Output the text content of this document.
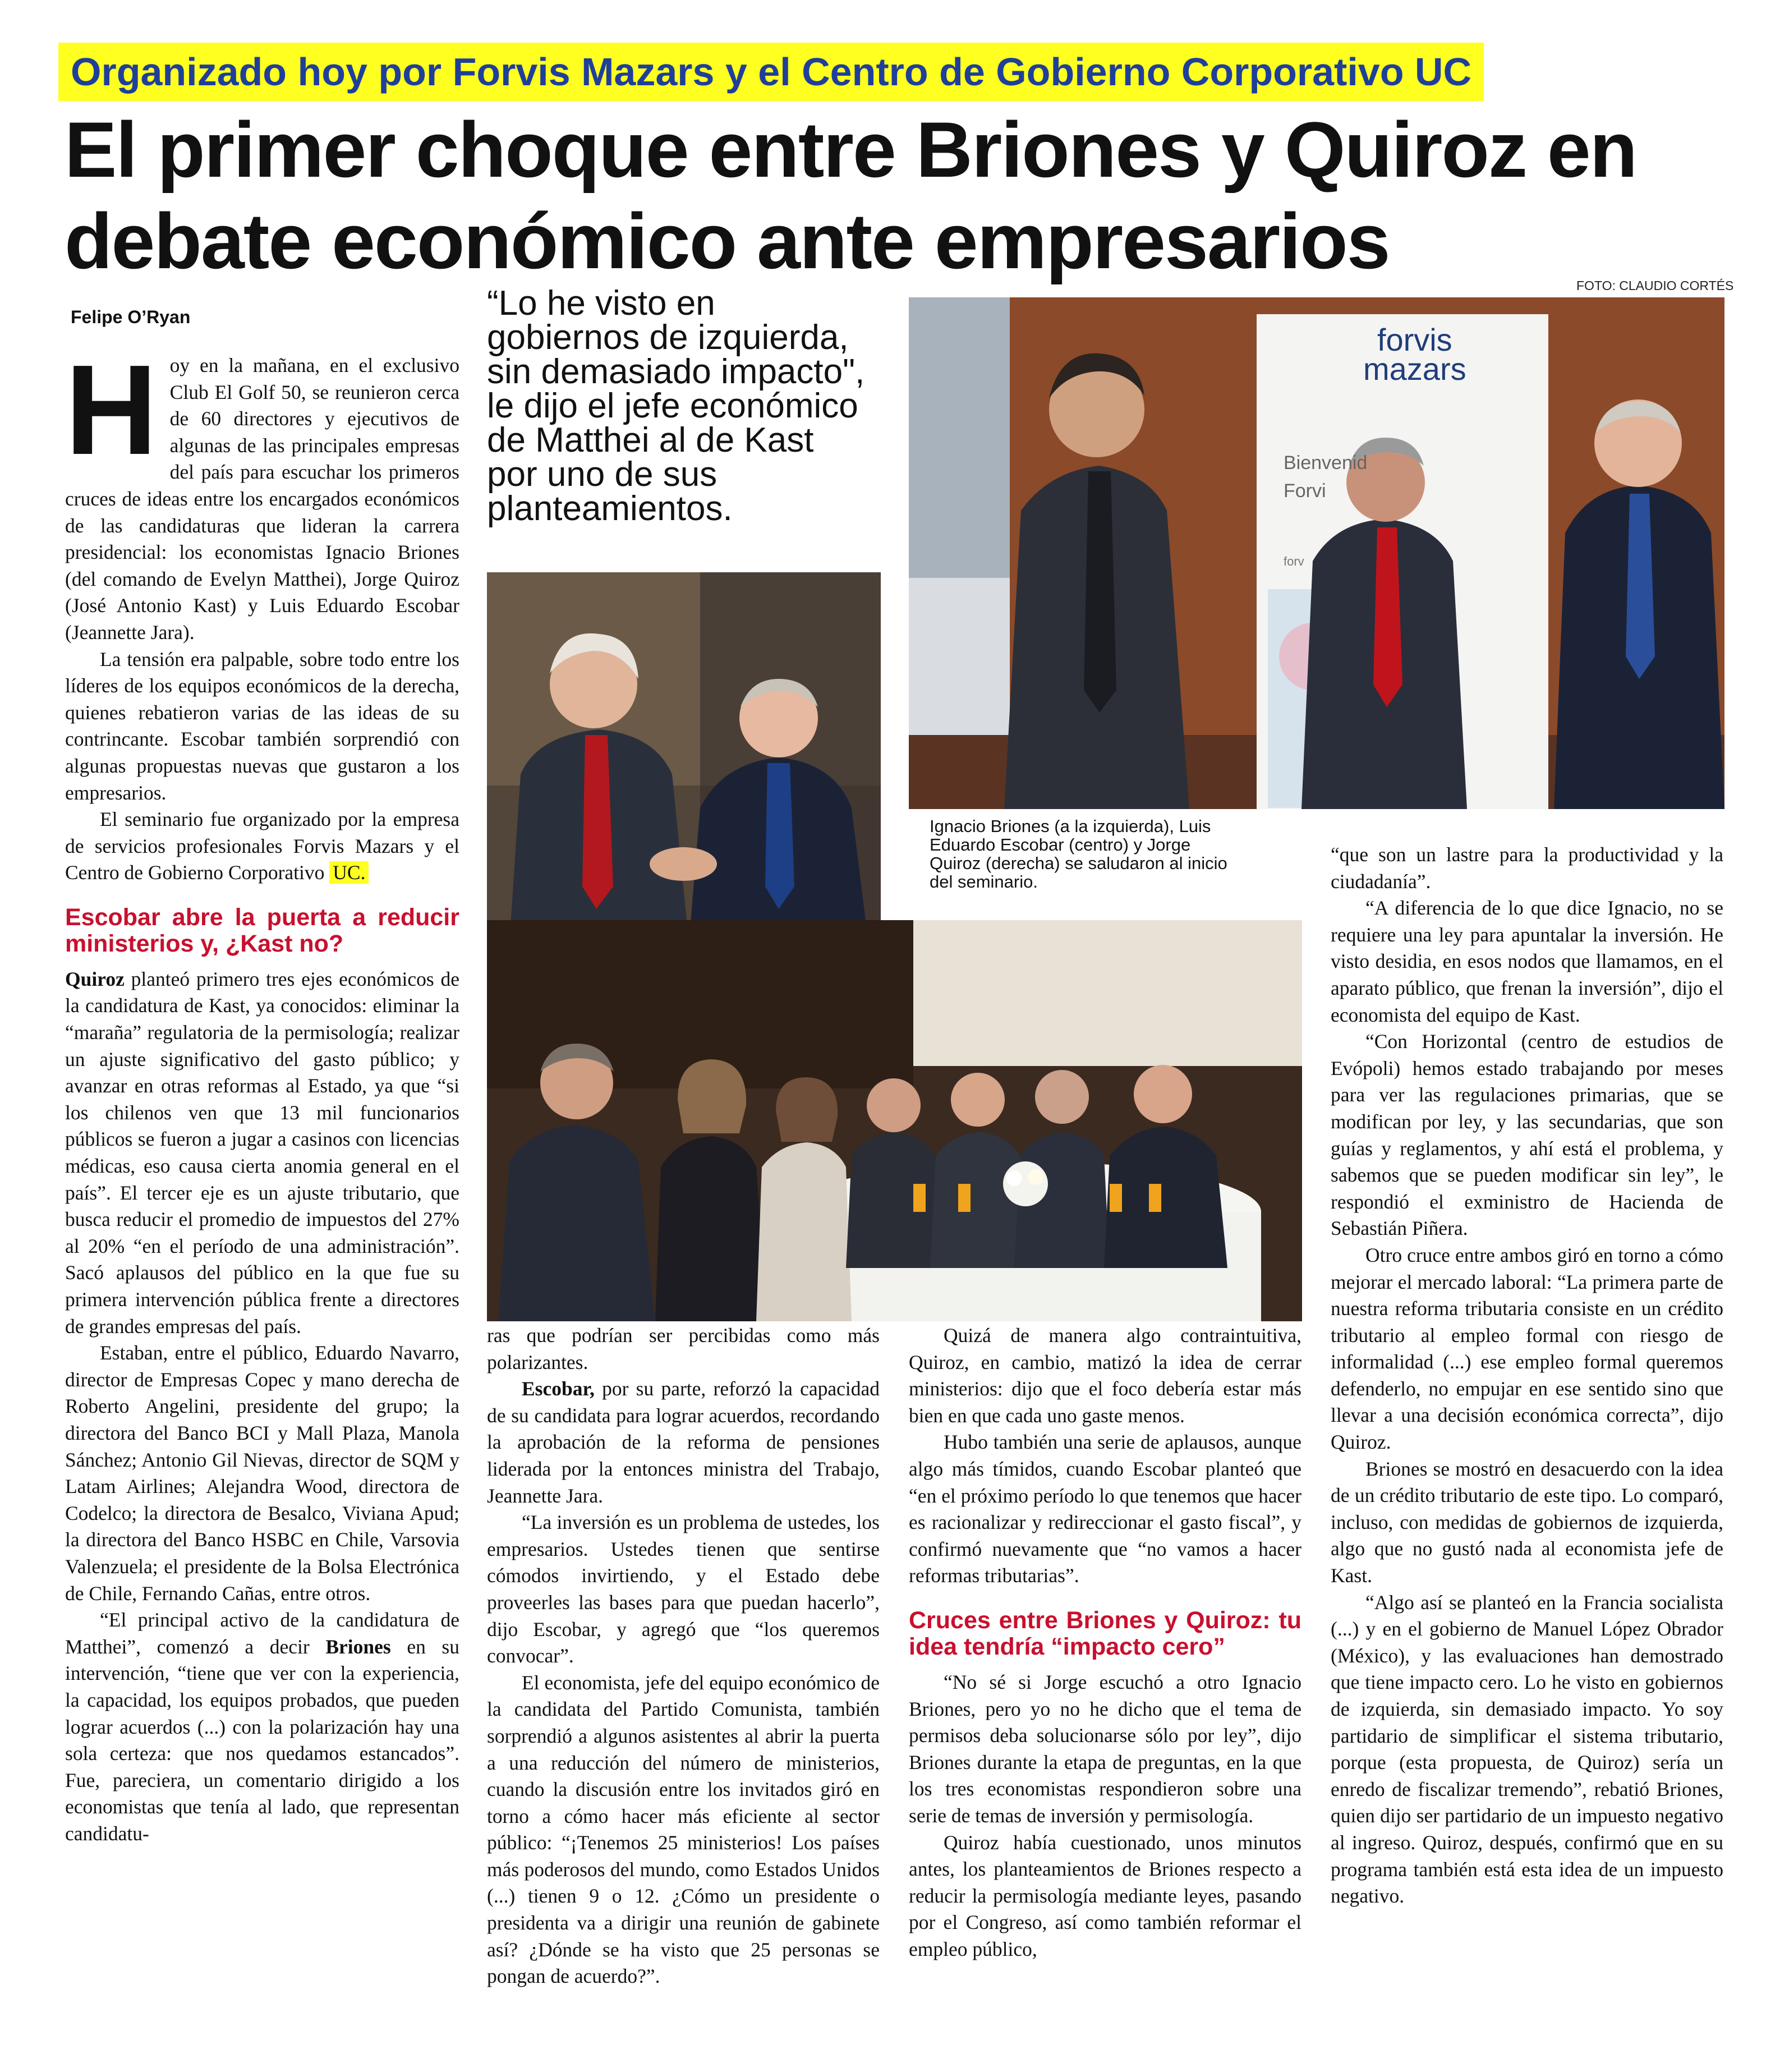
Organizado hoy por Forvis Mazars y el Centro de Gobierno Corporativo UC
El primer choque entre Briones y Quiroz en debate económico ante empresarios
FOTO: CLAUDIO CORTÉS
Felipe O’Ryan	“Lo he visto en gobiernos de izquierda, sin demasiado impacto", le dijo el jefe económico de Matthei al de Kast por uno de sus planteamientos.
H oy en la mañana, en el exclusivo Club El Golf 50, se reunieron cerca de 60 directores y ejecutivos de algunas de las principales empresas del país para escuchar los primeros cruces de ideas entre los encargados económicos de las candidaturas que lideran la carrera presidencial: los economistas Ignacio Briones (del comando de Evelyn Matthei), Jorge Quiroz (José Antonio Kast) y Luis Eduardo Escobar (Jeannette Jara).

La tensión era palpable, sobre todo entre los líderes de los equipos económicos de la derecha, quienes rebatieron varias de las ideas de su contrincante. Escobar también sorprendió con algunas propuestas nuevas que gustaron a los empresarios.

El seminario fue organizado por la empresa de servicios profesionales Forvis Mazars y el Centro de Gobierno Corporativo UC.

Escobar abre la puerta a reducir ministerios y, ¿Kast no?

Quiroz planteó primero tres ejes económicos de la candidatura de Kast, ya conocidos: eliminar la “maraña” regulatoria de la permisología; realizar un ajuste significativo del gasto público; y avanzar en otras reformas al Estado, ya que “si los chilenos ven que 13 mil funcionarios públicos se fueron a jugar a casinos con licencias médicas, eso causa cierta anomia general en el país”. El tercer eje es un ajuste tributario, que busca reducir el promedio de impuestos del 27% al 20% “en el período de una administración”. Sacó aplausos del público en la que fue su primera intervención pública frente a directores de grandes empresas del país.

Estaban, entre el público, Eduardo Navarro, director de Empresas Copec y mano derecha de Roberto Angelini, presidente del grupo; la directora del Banco BCI y Mall Plaza, Manola Sánchez; Antonio Gil Nievas, director de SQM y Latam Airlines; Alejandra Wood, directora de Codelco; la directora de Besalco, Viviana Apud; la directora del Banco HSBC en Chile, Varsovia Valenzuela; el presidente de la Bolsa Electrónica de Chile, Fernando Cañas, entre otros.

“El principal activo de la candidatura de Matthei”, comenzó a decir Briones en su intervención, “tiene que ver con la experiencia, la capacidad, los equipos probados, que pueden lograr acuerdos (...) con la polarización hay una sola certeza: que nos quedamos estancados”. Fue, pareciera, un comentario dirigido a los economistas que tenía al lado, que representan candidatu-

ras que podrían ser percibidas como más polarizantes.

Escobar, por su parte, reforzó la capacidad de su candidata para lograr acuerdos, recordando la aprobación de la reforma de pensiones liderada por la entonces ministra del Trabajo, Jeannette Jara.

“La inversión es un problema de ustedes, los empresarios. Ustedes tienen que sentirse cómodos invirtiendo, y el Estado debe proveerles las bases para que puedan hacerlo”, dijo Escobar, y agregó que “los queremos convocar”.

El economista, jefe del equipo económico de la candidata del Partido Comunista, también sorprendió a algunos asistentes al abrir la puerta a una reducción del número de ministerios, cuando la discusión entre los invitados giró en torno a cómo hacer más eficiente al sector público: “¡Tenemos 25 ministerios! Los países más poderosos del mundo, como Estados Unidos (...) tienen 9 o 12. ¿Cómo un presidente o presidenta va a dirigir una reunión de gabinete así? ¿Dónde se ha visto que 25 personas se pongan de acuerdo?”.

Quizá de manera algo contraintuitiva, Quiroz, en cambio, matizó la idea de cerrar ministerios: dijo que el foco debería estar más bien en que cada uno gaste menos.

Hubo también una serie de aplausos, aunque algo más tímidos, cuando Escobar planteó que “en el próximo período lo que tenemos que hacer es racionalizar y redireccionar el gasto fiscal”, y confirmó nuevamente que “no vamos a hacer reformas tributarias”.

Cruces entre Briones y Quiroz: tu idea tendría “impacto cero”

“No sé si Jorge escuchó a otro Ignacio Briones, pero yo no he dicho que el tema de permisos deba solucionarse sólo por ley”, dijo Briones durante la etapa de preguntas, en la que los tres economistas respondieron sobre una serie de temas de inversión y permisología.

Quiroz había cuestionado, unos minutos antes, los planteamientos de Briones respecto a reducir la permisología mediante leyes, pasando por el Congreso, así como también reformar el empleo público,

“que son un lastre para la productividad y la ciudadanía”.

“A diferencia de lo que dice Ignacio, no se requiere una ley para apuntalar la inversión. He visto desidia, en esos nodos que llamamos, en el aparato público, que frenan la inversión”, dijo el economista del equipo de Kast.

“Con Horizontal (centro de estudios de Evópoli) hemos estado trabajando por meses para ver las regulaciones primarias, que se modifican por ley, y las secundarias, que son guías y reglamentos, y ahí está el problema, y sabemos que se pueden modificar sin ley”, le respondió el exministro de Hacienda de Sebastián Piñera.

Otro cruce entre ambos giró en torno a cómo mejorar el mercado laboral: “La primera parte de nuestra reforma tributaria consiste en un crédito tributario al empleo formal con riesgo de informalidad (...) ese empleo formal queremos defenderlo, no empujar en ese sentido sino que llevar a una decisión económica correcta”, dijo Quiroz.

Briones se mostró en desacuerdo con la idea de un crédito tributario de este tipo. Lo comparó, incluso, con medidas de gobiernos de izquierda, algo que no gustó nada al economista jefe de Kast.

“Algo así se planteó en la Francia socialista (...) y en el gobierno de Manuel López Obrador (México), y las evaluaciones han demostrado que tiene impacto cero. Lo he visto en gobiernos de izquierda, sin demasiado impacto. Yo soy partidario de simplificar el sistema tributario, porque (esta propuesta, de Quiroz) sería un enredo de fiscalizar tremendo”, rebatió Briones, quien dijo ser partidario de un impuesto negativo al ingreso. Quiroz, después, confirmó que en su programa también está esta idea de un impuesto negativo.

forvis
mazars
Bienvenid
Forvi
forv
Ignacio Briones (a la izquierda), Luis Eduardo Escobar (centro) y Jorge Quiroz (derecha) se saludaron al inicio del seminario.
